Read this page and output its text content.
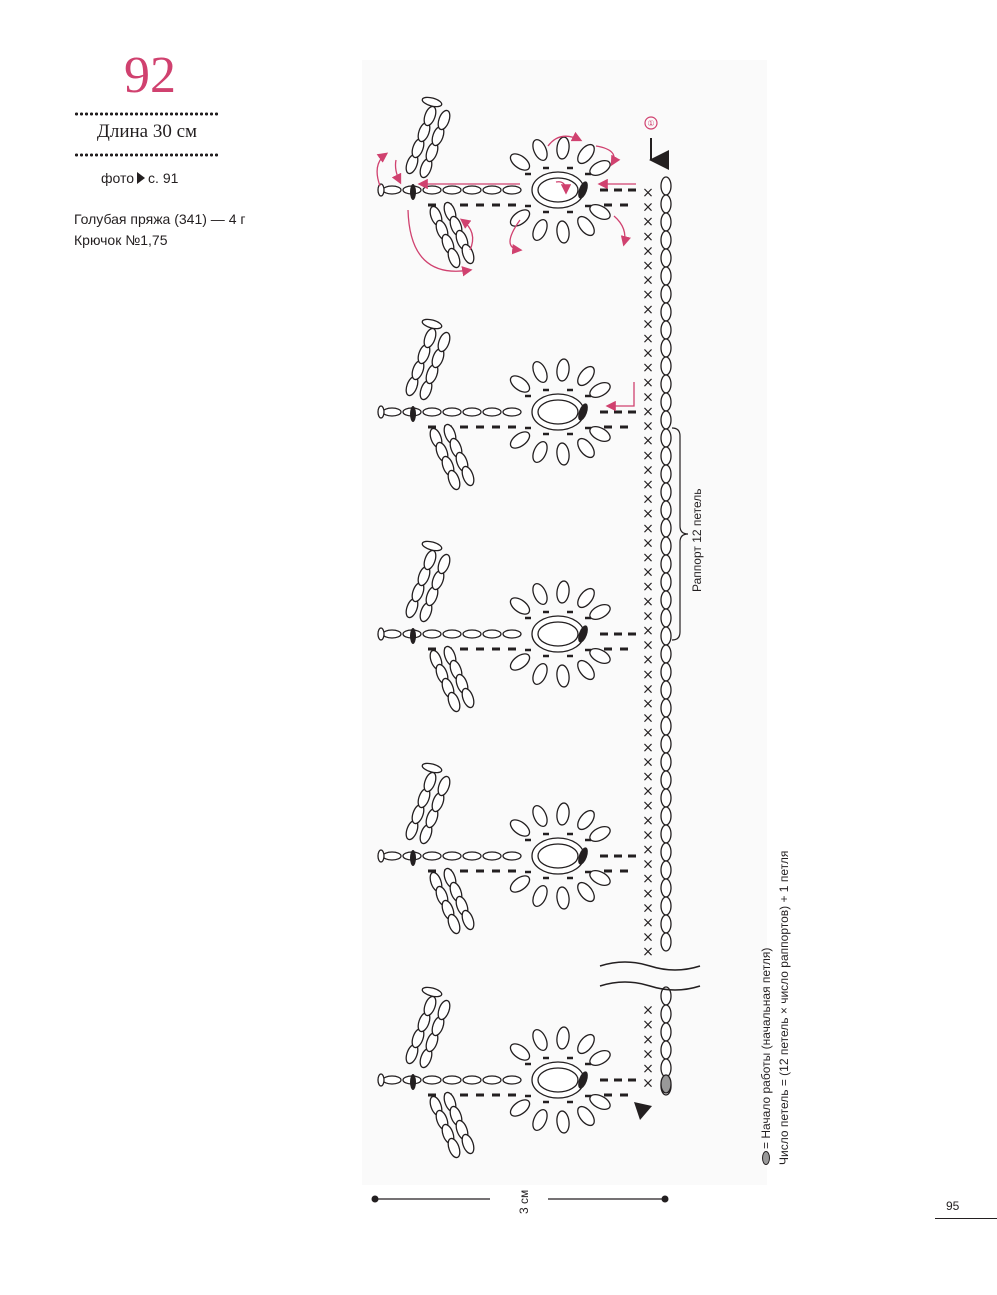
92
Длина 30 см
фото с. 91
Голубая пряжа (341) — 4 г
Крючок №1,75
×
×
×
×
×
×
×
×
×
×
×
×
×
×
×
×
×
×
×
×
×
×
×
×
×
×
×
×
×
×
×
×
×
×
×
×
×
×
×
×
×
×
×
×
×
×
×
×
×
×
×
×
×
×
×
×
×
×
×
①
Раппорт 12 петель
3 см
= Начало работы (начальная петля) Число петель = (12 петель × число раппортов) + 1 петля
95
